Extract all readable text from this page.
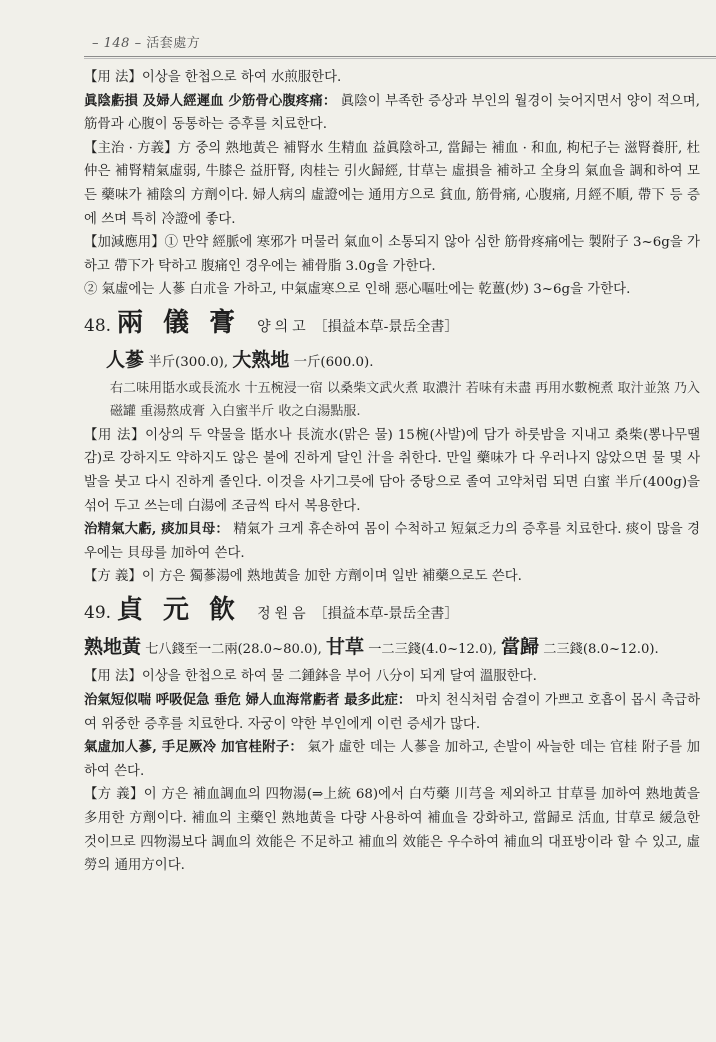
– 148 – 活套處方

【用 法】이상을 한첩으로 하여 水煎服한다.

眞陰虧損 及婦人經遲血 少筋骨心腹疼痛： 眞陰이 부족한 증상과 부인의 월경이 늦어지면서 양이 적으며, 筋骨과 心腹이 동통하는 증후를 치료한다.

【主治 · 方義】方 중의 熟地黃은 補腎水 生精血 益眞陰하고, 當歸는 補血 · 和血, 枸杞子는 滋腎養肝, 杜仲은 補腎精氣虛弱, 牛膝은 益肝腎, 肉桂는 引火歸經, 甘草는 虛損을 補하고 全身의 氣血을 調和하여 모든 藥味가 補陰의 方劑이다. 婦人病의 虛證에는 通用方으로 貧血, 筋骨痛, 心腹痛, 月經不順, 帶下 등 증에 쓰며 특히 冷證에 좋다.

【加減應用】① 만약 經脈에 寒邪가 머물러 氣血이 소통되지 않아 심한 筋骨疼痛에는 製附子 3~6g을 가하고 帶下가 탁하고 腹痛인 경우에는 補骨脂 3.0g을 가한다.

② 氣虛에는 人蔘 白朮을 가하고, 中氣虛寒으로 인해 惡心嘔吐에는 乾薑(炒) 3~6g을 가한다.

48. 兩儀膏 양의고 ［損益本草-景岳全書］
人蔘 半斤(300.0), 大熟地 一斤(600.0).

右二味用甛水或長流水 十五椀浸一宿 以桑柴文武火煮 取濃汁 若味有未盡 再用水數椀煮 取汁並煞 乃入磁罐 重湯熬成膏 入白蜜半斤 收之白湯點服.

【用 法】이상의 두 약물을 甛水나 長流水(맑은 물) 15椀(사발)에 담가 하룻밤을 지내고 桑柴(뽕나무땔감)로 강하지도 약하지도 않은 불에 진하게 달인 汁을 취한다. 만일 藥味가 다 우러나지 않았으면 물 몇 사발을 붓고 다시 진하게 졸인다. 이것을 사기그릇에 담아 중탕으로 졸여 고약처럼 되면 白蜜 半斤(400g)을 섞어 두고 쓰는데 白湯에 조금씩 타서 복용한다.

治精氣大虧, 痰加貝母： 精氣가 크게 휴손하여 몸이 수척하고 短氣乏力의 증후를 치료한다. 痰이 많을 경우에는 貝母를 加하여 쓴다.

【方 義】이 方은 獨蔘湯에 熟地黃을 加한 方劑이며 일반 補藥으로도 쓴다.

49. 貞元飮 정원음 ［損益本草-景岳全書］
熟地黃 七八錢至一二兩(28.0~80.0), 甘草 一二三錢(4.0~12.0), 當歸 二三錢(8.0~12.0).

【用 法】이상을 한첩으로 하여 물 二鍾鉢을 부어 八分이 되게 달여 溫服한다.

治氣短似喘 呼吸促急 垂危 婦人血海常虧者 最多此症： 마치 천식처럼 숨결이 가쁘고 호흡이 몹시 촉급하여 위중한 증후를 치료한다. 자궁이 약한 부인에게 이런 증세가 많다.

氣虛加人蔘, 手足厥冷 加官桂附子： 氣가 虛한 데는 人蔘을 加하고, 손발이 싸늘한 데는 官桂 附子를 加하여 쓴다.

【方 義】이 方은 補血調血의 四物湯(⇒上統 68)에서 白芍藥 川芎을 제외하고 甘草를 加하여 熟地黃을 多用한 方劑이다. 補血의 主藥인 熟地黃을 다량 사용하여 補血을 강화하고, 當歸로 活血, 甘草로 緩急한 것이므로 四物湯보다 調血의 效能은 不足하고 補血의 效能은 우수하여 補血의 대표방이라 할 수 있고, 虛勞의 通用方이다.
